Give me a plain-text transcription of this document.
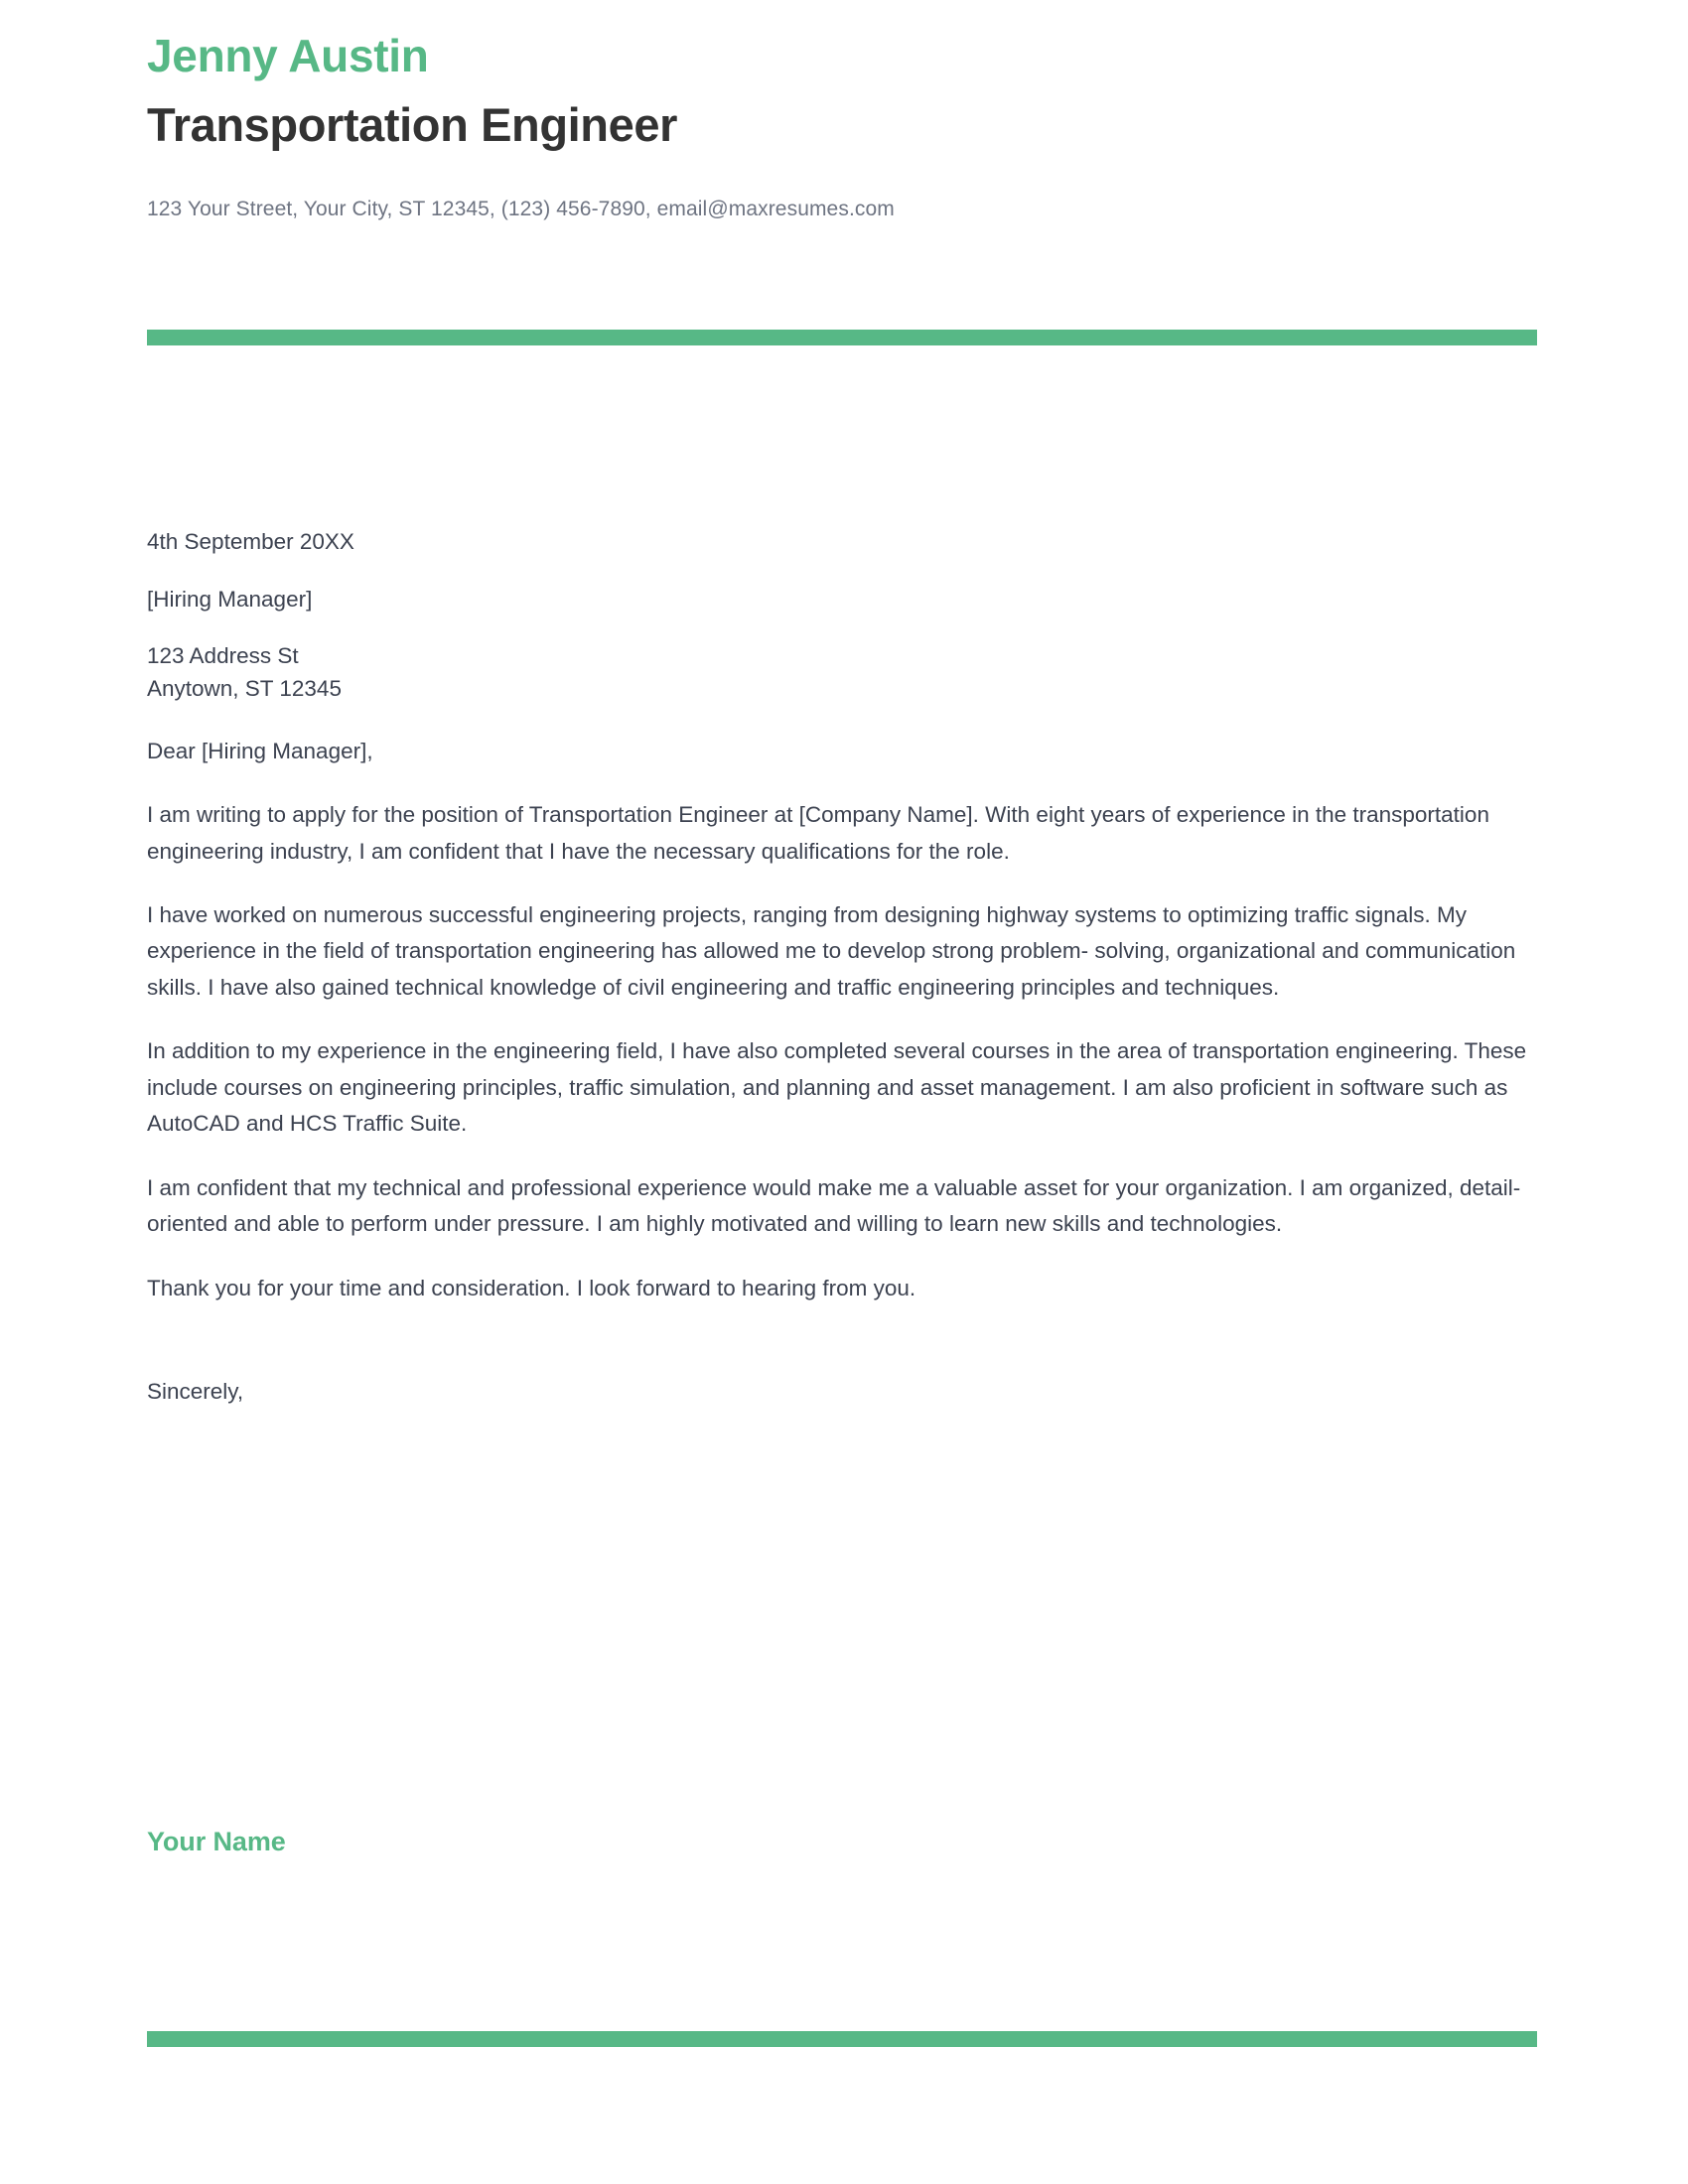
Jenny Austin
Transportation Engineer
123 Your Street, Your City, ST 12345, (123) 456-7890, email@maxresumes.com
4th September 20XX
[Hiring Manager]
123 Address St
Anytown, ST 12345
Dear [Hiring Manager],

I am writing to apply for the position of Transportation Engineer at [Company Name]. With eight years of experience in the transportation engineering industry, I am confident that I have the necessary qualifications for the role.

I have worked on numerous successful engineering projects, ranging from designing highway systems to optimizing traffic signals. My experience in the field of transportation engineering has allowed me to develop strong problem- solving, organizational and communication skills. I have also gained technical knowledge of civil engineering and traffic engineering principles and techniques.

In addition to my experience in the engineering field, I have also completed several courses in the area of transportation engineering. These include courses on engineering principles, traffic simulation, and planning and asset management. I am also proficient in software such as AutoCAD and HCS Traffic Suite.

I am confident that my technical and professional experience would make me a valuable asset for your organization. I am organized, detail- oriented and able to perform under pressure. I am highly motivated and willing to learn new skills and technologies.

Thank you for your time and consideration. I look forward to hearing from you.

Sincerely,
Your Name
